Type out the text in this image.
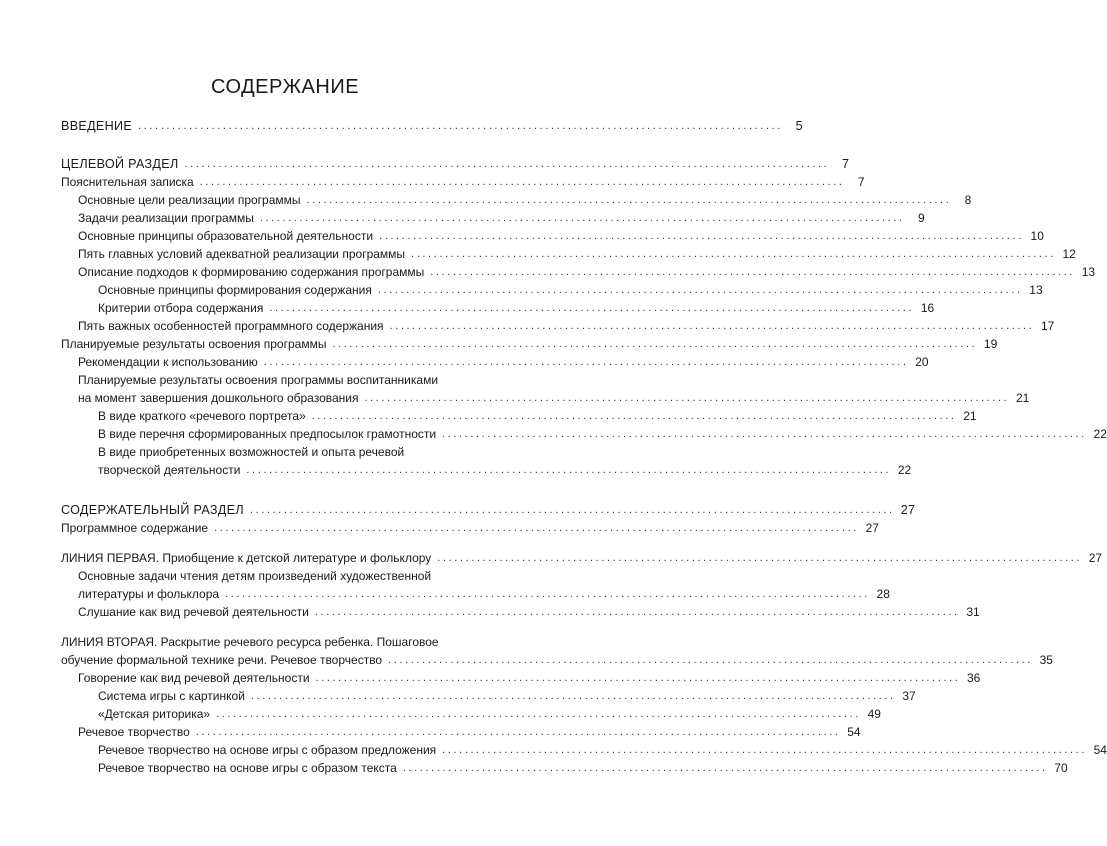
СОДЕРЖАНИЕ
ВВЕДЕНИЕ ..................................................................................................................	5
ЦЕЛЕВОЙ РАЗДЕЛ ..................................................................................................................	7
Пояснительная записка ..................................................................................................................	7
Основные цели реализации программы ..................................................................................................................	8
Задачи реализации программы ..................................................................................................................	9
Основные принципы образовательной деятельности .................................................................................................................. 10
Пять главных условий адекватной реализации программы .................................................................................................................. 12
Описание подходов к формированию содержания программы .................................................................................................................. 13
Основные принципы формирования содержания .................................................................................................................. 13
Критерии отбора содержания .................................................................................................................. 16
Пять важных особенностей программного содержания .................................................................................................................. 17
Планируемые результаты освоения программы .................................................................................................................. 19
Рекомендации к использованию .................................................................................................................. 20
Планируемые результаты освоения программы воспитанниками
на момент завершения дошкольного образования .................................................................................................................. 21
В виде краткого «речевого портрета» .................................................................................................................. 21
В виде перечня сформированных предпосылок грамотности .................................................................................................................. 22
В виде приобретенных возможностей и опыта речевой
творческой деятельности .................................................................................................................. 22
СОДЕРЖАТЕЛЬНЫЙ РАЗДЕЛ .................................................................................................................. 27
Программное содержание .................................................................................................................. 27
ЛИНИЯ ПЕРВАЯ. Приобщение к детской литературе и фольклору .................................................................................................................. 27
Основные задачи чтения детям произведений художественной
литературы и фольклора .................................................................................................................. 28
Слушание как вид речевой деятельности .................................................................................................................. 31
ЛИНИЯ ВТОРАЯ. Раскрытие речевого ресурса ребенка. Пошаговое
обучение формальной технике речи. Речевое творчество .................................................................................................................. 35
Говорение как вид речевой деятельности .................................................................................................................. 36
Система игры с картинкой .................................................................................................................. 37
«Детская риторика» .................................................................................................................. 49
Речевое творчество .................................................................................................................. 54
Речевое творчество на основе игры с образом предложения .................................................................................................................. 54
Речевое творчество на основе игры с образом текста .................................................................................................................. 70
